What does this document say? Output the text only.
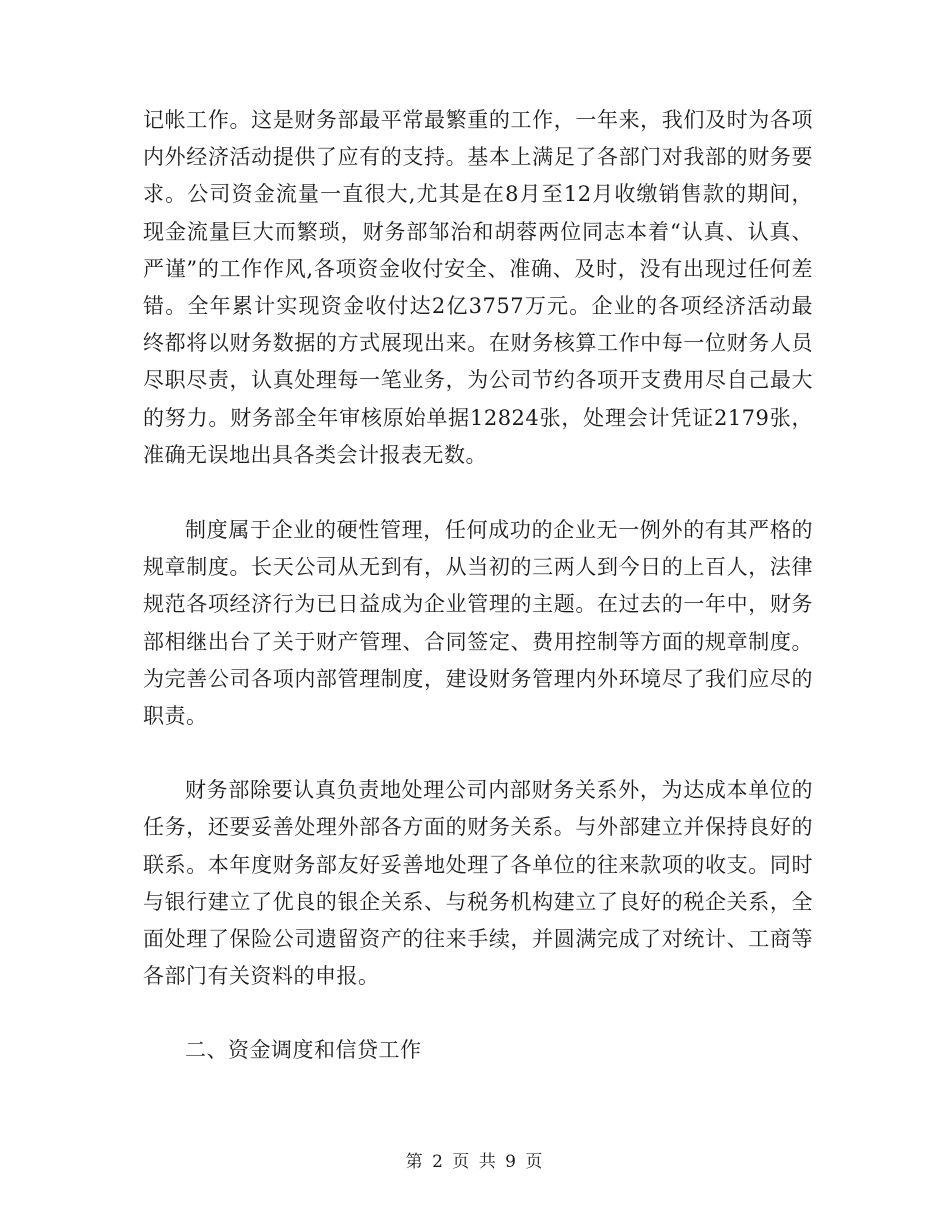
记帐工作。这是财务部最平常最繁重的工作，一年来，我们及时为各项内外经济活动提供了应有的支持。基本上满足了各部门对我部的财务要求。公司资金流量一直很大,尤其是在8月至12月收缴销售款的期间，现金流量巨大而繁琐，财务部邹治和胡蓉两位同志本着“认真、认真、严谨”的工作作风,各项资金收付安全、准确、及时，没有出现过任何差错。全年累计实现资金收付达2亿3757万元。企业的各项经济活动最终都将以财务数据的方式展现出来。在财务核算工作中每一位财务人员尽职尽责，认真处理每一笔业务，为公司节约各项开支费用尽自己最大的努力。财务部全年审核原始单据12824张，处理会计凭证2179张，准确无误地出具各类会计报表无数。

制度属于企业的硬性管理，任何成功的企业无一例外的有其严格的规章制度。长天公司从无到有，从当初的三两人到今日的上百人，法律规范各项经济行为已日益成为企业管理的主题。在过去的一年中，财务部相继出台了关于财产管理、合同签定、费用控制等方面的规章制度。为完善公司各项内部管理制度，建设财务管理内外环境尽了我们应尽的职责。

财务部除要认真负责地处理公司内部财务关系外，为达成本单位的任务，还要妥善处理外部各方面的财务关系。与外部建立并保持良好的联系。本年度财务部友好妥善地处理了各单位的往来款项的收支。同时与银行建立了优良的银企关系、与税务机构建立了良好的税企关系，全面处理了保险公司遗留资产的往来手续，并圆满完成了对统计、工商等各部门有关资料的申报。

二、资金调度和信贷工作

第 2 页 共 9 页
